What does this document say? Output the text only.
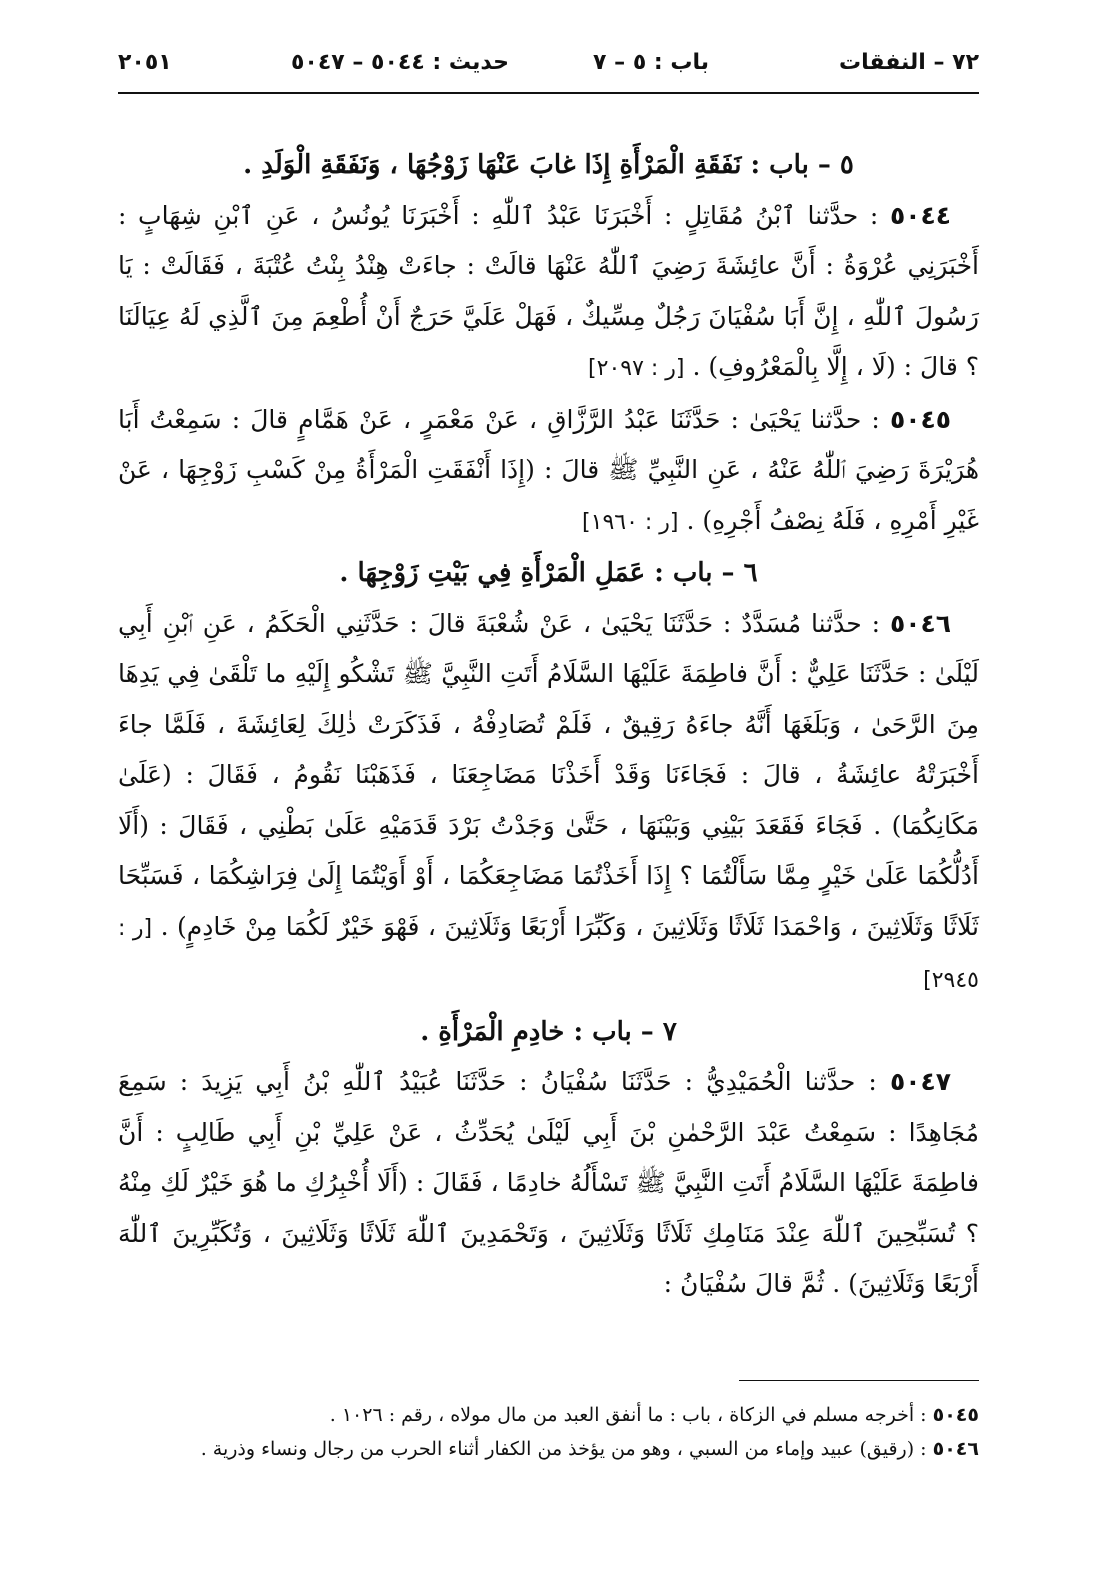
٧٢ – النفقات
باب : ٥ – ٧
حديث : ٥٠٤٤ – ٥٠٤٧
٢٠٥١

٥ – باب : نَفَقَةِ الْمَرْأَةِ إِذَا غابَ عَنْهَا زَوْجُهَا ، وَنَفَقَةِ الْوَلَدِ .

٥٠٤٤ : حدَّثنا ٱبْنُ مُقَاتِلٍ : أَخْبَرَنَا عَبْدُ ٱللّٰهِ : أَخْبَرَنَا يُونُسُ ، عَنِ ٱبْنِ شِهَابٍ : أَخْبَرَنِي عُرْوَةُ : أَنَّ عائِشَةَ رَضِيَ ٱللّٰهُ عَنْهَا قالَتْ : جاءَتْ هِنْدُ بِنْتُ عُتْبَةَ ، فَقَالَتْ : يَا رَسُولَ ٱللّٰهِ ، إِنَّ أَبَا سُفْيَانَ رَجُلٌ مِسِّيكٌ ، فَهَلْ عَلَيَّ حَرَجٌ أَنْ أُطْعِمَ مِنَ ٱلَّذِي لَهُ عِيَالَنَا ؟ قالَ : (لَا ، إِلَّا بِالْمَعْرُوفِ) . [ر : ٢٠٩٧]

٥٠٤٥ : حدَّثنا يَحْيَىٰ : حَدَّثَنَا عَبْدُ الرَّزَّاقِ ، عَنْ مَعْمَرٍ ، عَنْ هَمَّامٍ قالَ : سَمِعْتُ أَبَا هُرَيْرَةَ رَضِيَ ٱللّٰهُ عَنْهُ ، عَنِ النَّبِيِّ ﷺ قالَ : (إِذَا أَنْفَقَتِ الْمَرْأَةُ مِنْ كَسْبِ زَوْجِهَا ، عَنْ غَيْرِ أَمْرِهِ ، فَلَهُ نِصْفُ أَجْرِهِ) . [ر : ١٩٦٠]

٦ – باب : عَمَلِ الْمَرْأَةِ فِي بَيْتِ زَوْجِهَا .

٥٠٤٦ : حدَّثنا مُسَدَّدٌ : حَدَّثَنَا يَحْيَىٰ ، عَنْ شُعْبَةَ قالَ : حَدَّثَنِي الْحَكَمُ ، عَنِ ٱبْنِ أَبِي لَيْلَىٰ : حَدَّثَنَا عَلِيٌّ : أَنَّ فاطِمَةَ عَلَيْهَا السَّلَامُ أَتَتِ النَّبِيَّ ﷺ تَشْكُو إِلَيْهِ ما تَلْقَىٰ فِي يَدِهَا مِنَ الرَّحَىٰ ، وَبَلَغَهَا أَنَّهُ جاءَهُ رَقِيقٌ ، فَلَمْ تُصَادِفْهُ ، فَذَكَرَتْ ذٰلِكَ لِعَائِشَةَ ، فَلَمَّا جاءَ أَخْبَرَتْهُ عائِشَةُ ، قالَ : فَجَاءَنَا وَقَدْ أَخَذْنَا مَضَاجِعَنَا ، فَذَهَبْنَا نَقُومُ ، فَقَالَ : (عَلَىٰ مَكَانِكُمَا) . فَجَاءَ فَقَعَدَ بَيْنِي وَبَيْنَهَا ، حَتَّىٰ وَجَدْتُ بَرْدَ قَدَمَيْهِ عَلَىٰ بَطْنِي ، فَقَالَ : (أَلَا أَدُلُّكُمَا عَلَىٰ خَيْرٍ مِمَّا سَأَلْتُمَا ؟ إِذَا أَخَذْتُمَا مَضَاجِعَكُمَا ، أَوْ أَوَيْتُمَا إِلَىٰ فِرَاشِكُمَا ، فَسَبِّحَا ثَلَاثًا وَثَلَاثِينَ ، وَاحْمَدَا ثَلَاثًا وَثَلَاثِينَ ، وَكَبِّرَا أَرْبَعًا وَثَلَاثِينَ ، فَهْوَ خَيْرٌ لَكُمَا مِنْ خَادِمٍ) . [ر : ٢٩٤٥]

٧ – باب : خادِمِ الْمَرْأَةِ .

٥٠٤٧ : حدَّثنا الْحُمَيْدِيُّ : حَدَّثَنَا سُفْيَانُ : حَدَّثَنَا عُبَيْدُ ٱللّٰهِ بْنُ أَبِي يَزِيدَ : سَمِعَ مُجَاهِدًا : سَمِعْتُ عَبْدَ الرَّحْمٰنِ بْنَ أَبِي لَيْلَىٰ يُحَدِّثُ ، عَنْ عَلِيِّ بْنِ أَبِي طَالِبٍ : أَنَّ فاطِمَةَ عَلَيْهَا السَّلَامُ أَتَتِ النَّبِيَّ ﷺ تَسْأَلُهُ خادِمًا ، فَقَالَ : (أَلَا أُخْبِرُكِ ما هُوَ خَيْرٌ لَكِ مِنْهُ ؟ تُسَبِّحِينَ ٱللّٰهَ عِنْدَ مَنَامِكِ ثَلَاثًا وَثَلَاثِينَ ، وَتَحْمَدِينَ ٱللّٰهَ ثَلَاثًا وَثَلَاثِينَ ، وَتُكَبِّرِينَ ٱللّٰهَ أَرْبَعًا وَثَلَاثِينَ) . ثُمَّ قالَ سُفْيَانُ :

٥٠٤٥ : أخرجه مسلم في الزكاة ، باب : ما أنفق العبد من مال مولاه ، رقم : ١٠٢٦ .

٥٠٤٦ : (رقيق) عبيد وإماء من السبي ، وهو من يؤخذ من الكفار أثناء الحرب من رجال ونساء وذرية .
